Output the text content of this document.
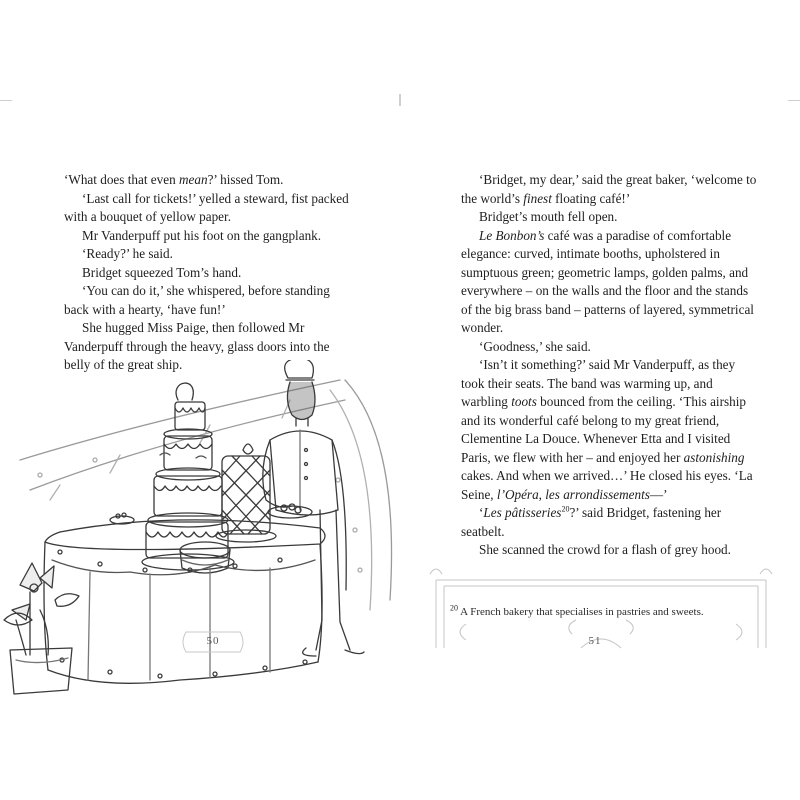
‘What does that even mean?’ hissed Tom.

‘Last call for tickets!’ yelled a steward, fist packed with a bouquet of yellow paper.

Mr Vanderpuff put his foot on the gangplank.

‘Ready?’ he said.

Bridget squeezed Tom’s hand.

‘You can do it,’ she whispered, before standing back with a hearty, ‘have fun!’

She hugged Miss Paige, then followed Mr Vanderpuff through the heavy, glass doors into the belly of the great ship.

50

‘Bridget, my dear,’ said the great baker, ‘welcome to the world’s finest floating café!’

Bridget’s mouth fell open.

Le Bonbon’s café was a paradise of comfortable elegance: curved, intimate booths, upholstered in sumptuous green; geometric lamps, golden palms, and everywhere – on the walls and the floor and the stands of the big brass band – patterns of layered, symmetrical wonder.

‘Goodness,’ she said.

‘Isn’t it something?’ said Mr Vanderpuff, as they took their seats. The band was warming up, and warbling toots bounced from the ceiling. ‘This airship and its wonderful café belong to my great friend, Clementine La Douce. Whenever Etta and I visited Paris, we flew with her – and enjoyed her astonishing cakes. And when we arrived…’ He closed his eyes. ‘La Seine, l’Opéra, les arrondissements—’

‘Les pâtisseries$^{20}$?’ said Bridget, fastening her seatbelt.

She scanned the crowd for a flash of grey hood.

$^{20}$ A French bakery that specialises in pastries and sweets.
51
